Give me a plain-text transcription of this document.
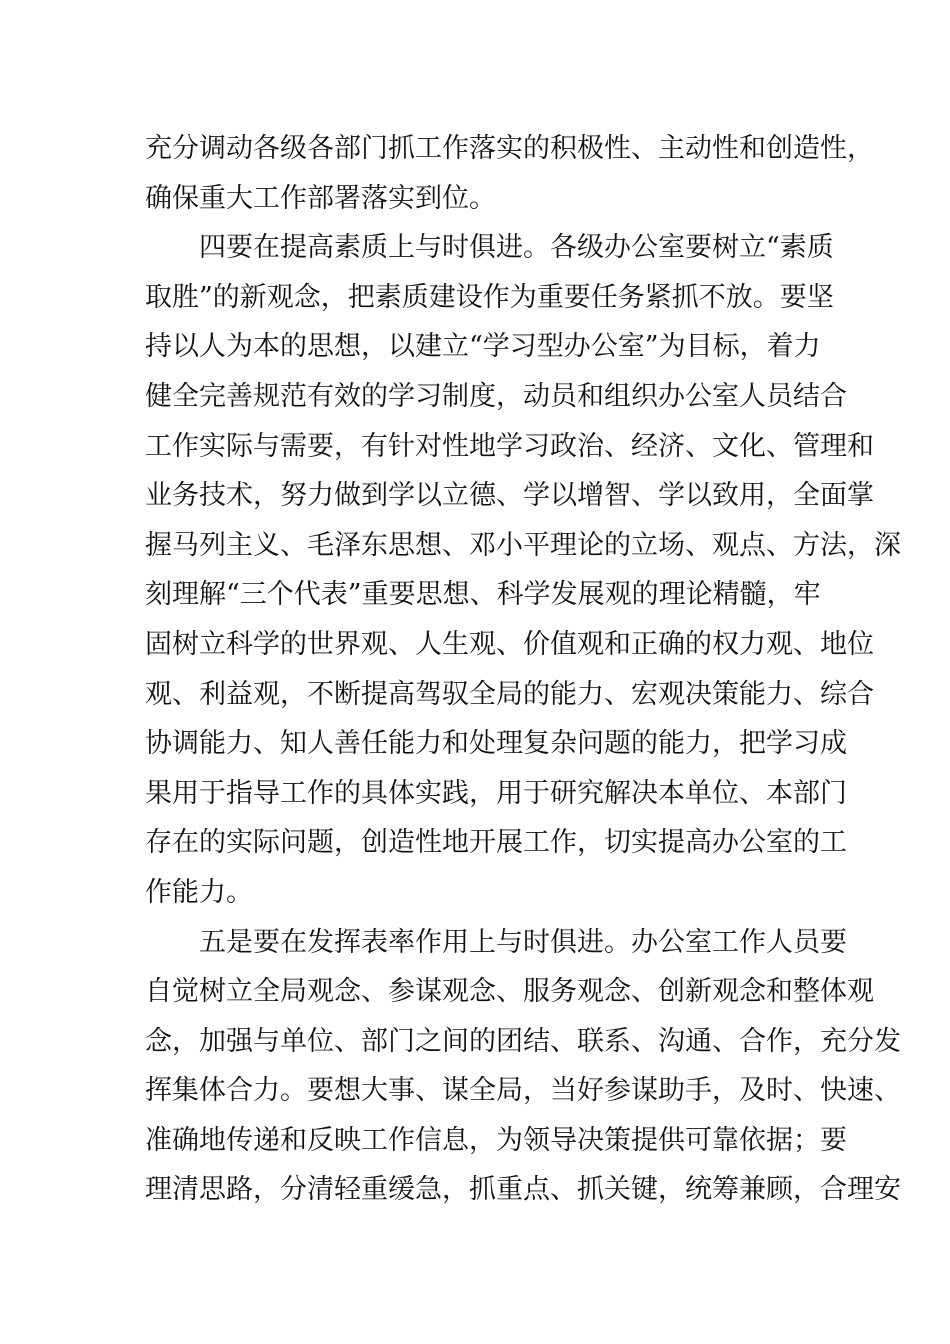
充分调动各级各部门抓工作落实的积极性、主动性和创造性，
确保重大工作部署落实到位。
四要在提高素质上与时俱进。各级办公室要树立“素质
取胜”的新观念，把素质建设作为重要任务紧抓不放。要坚
持以人为本的思想，以建立“学习型办公室”为目标，着力
健全完善规范有效的学习制度，动员和组织办公室人员结合
工作实际与需要，有针对性地学习政治、经济、文化、管理和
业务技术，努力做到学以立德、学以增智、学以致用，全面掌
握马列主义、毛泽东思想、邓小平理论的立场、观点、方法，深
刻理解“三个代表”重要思想、科学发展观的理论精髓，牢
固树立科学的世界观、人生观、价值观和正确的权力观、地位
观、利益观，不断提高驾驭全局的能力、宏观决策能力、综合
协调能力、知人善任能力和处理复杂问题的能力，把学习成
果用于指导工作的具体实践，用于研究解决本单位、本部门
存在的实际问题，创造性地开展工作，切实提高办公室的工
作能力。
五是要在发挥表率作用上与时俱进。办公室工作人员要
自觉树立全局观念、参谋观念、服务观念、创新观念和整体观
念，加强与单位、部门之间的团结、联系、沟通、合作，充分发
挥集体合力。要想大事、谋全局，当好参谋助手，及时、快速、
准确地传递和反映工作信息，为领导决策提供可靠依据；要
理清思路，分清轻重缓急，抓重点、抓关键，统筹兼顾，合理安
